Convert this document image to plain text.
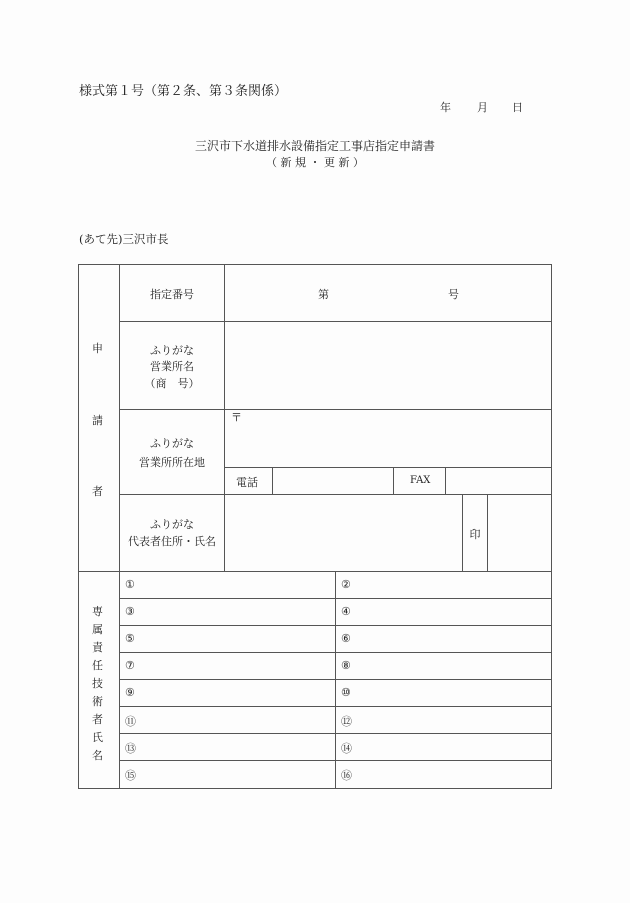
様式第１号（第２条、第３条関係）
年 月 日
三沢市下水道排水設備指定工事店指定申請書
（ 新 規 ・ 更 新 ）
(あて先)三沢市長
申
請
者
指定番号	第	号
ふりがな
営業所名
（商　号）
ふりがな
営業所所在地
〒
電話	FAX
ふりがな
代表者住所・氏名
印
専
属
責
任
技
術
者
氏
名
①	②
③	④
⑤	⑥
⑦	⑧
⑨	⑩
⑪	⑫
⑬	⑭
⑮	⑯
